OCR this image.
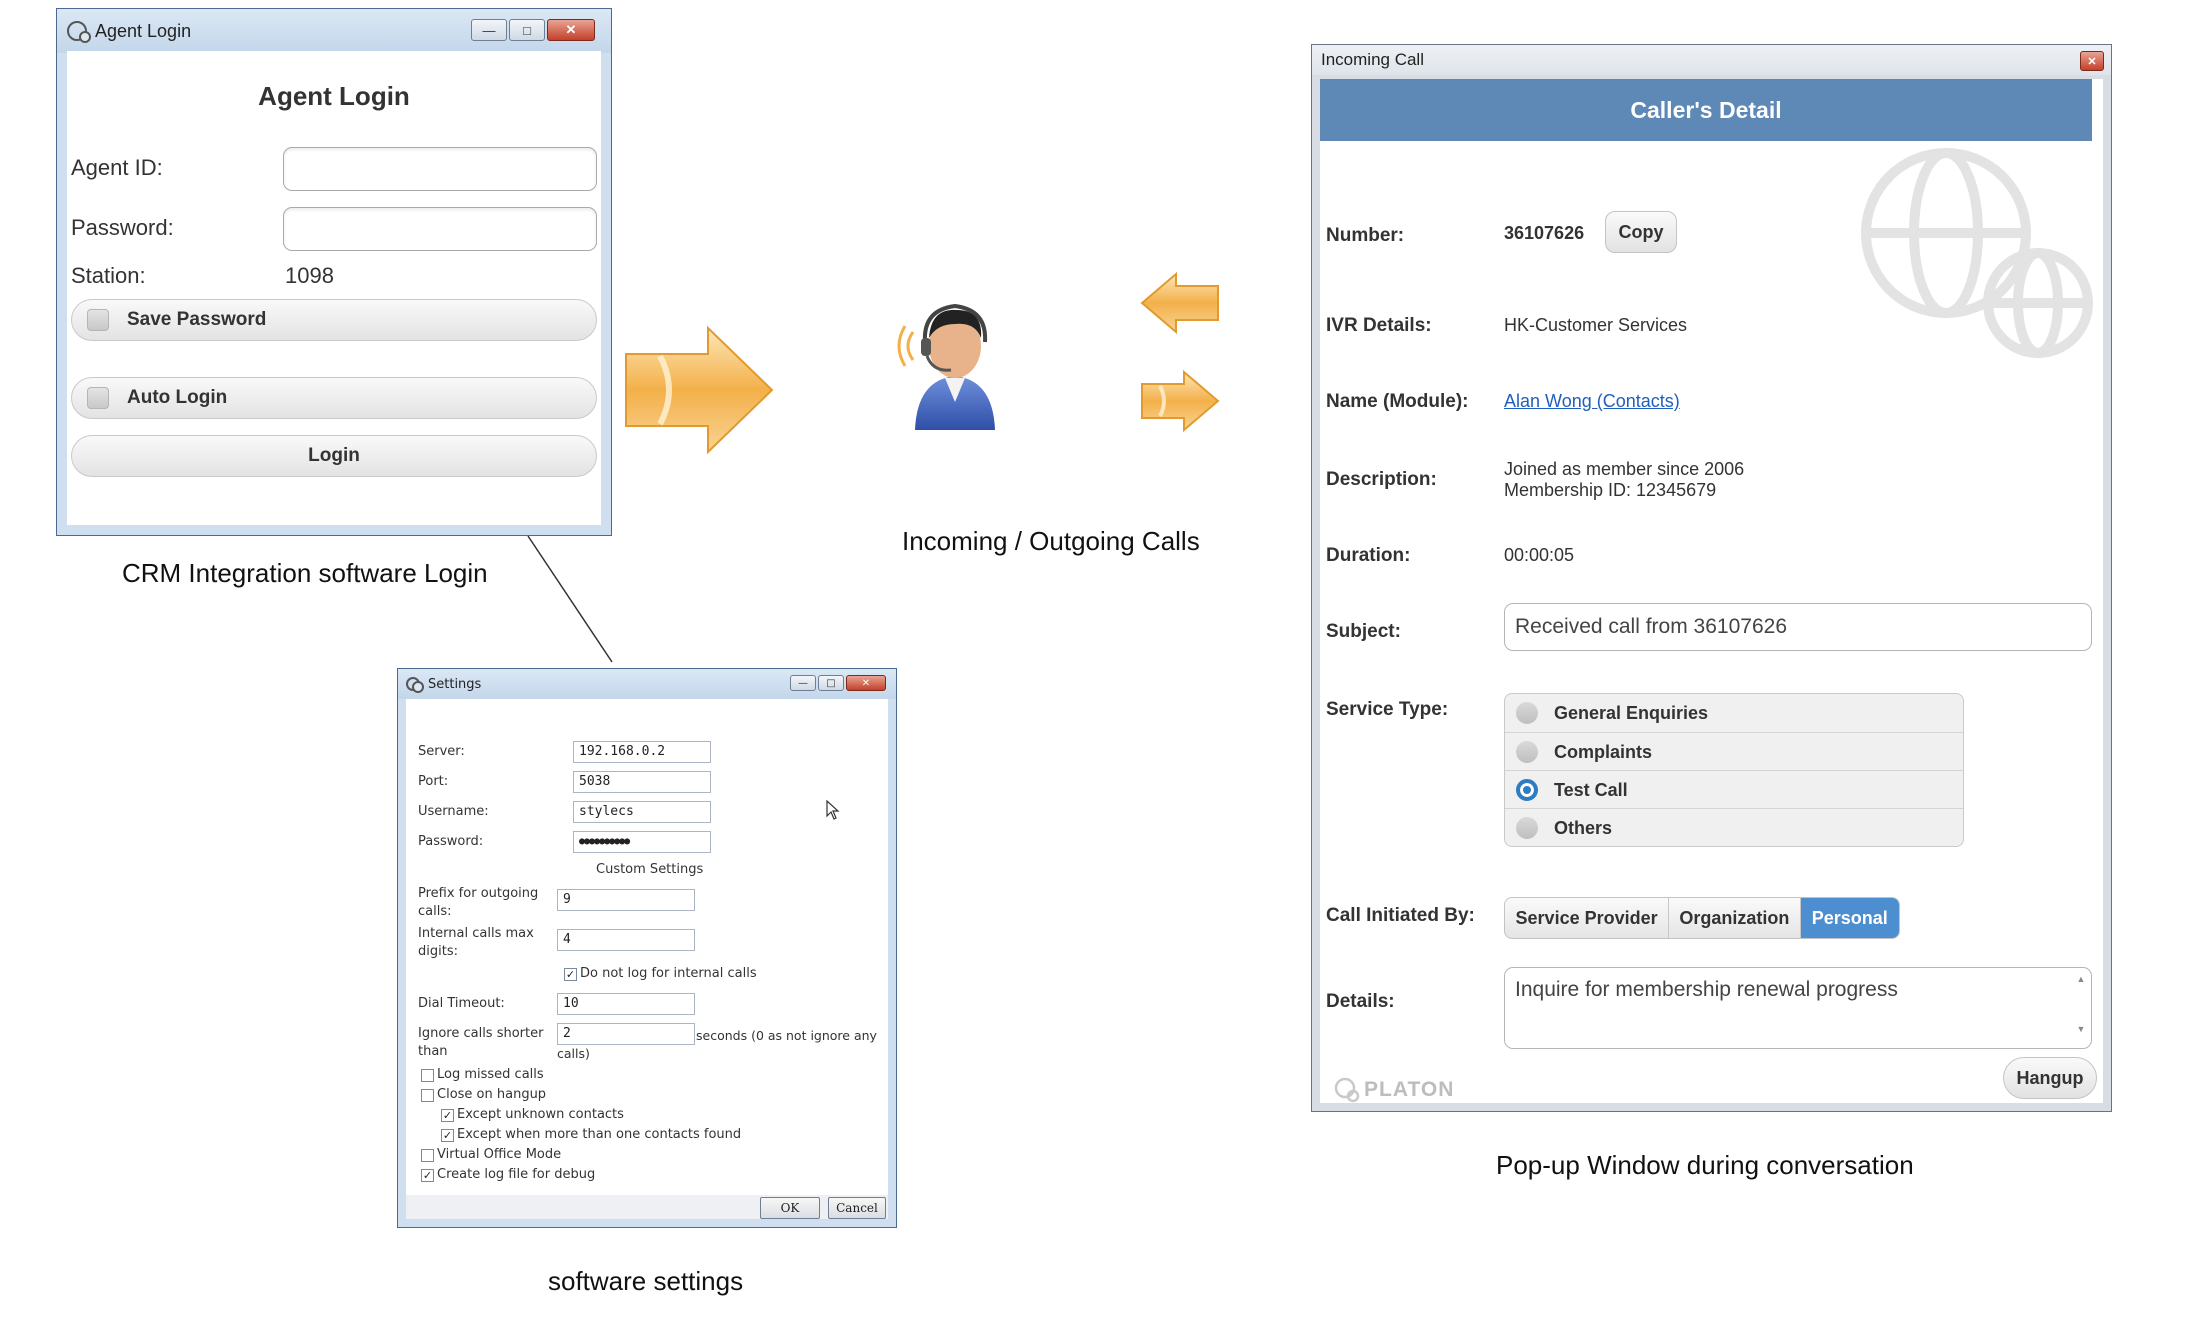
Agent Login	—	□	✕
Agent Login
Agent ID:
Password:
Station:	1098
Save Password
Auto Login
Login
CRM Integration software Login
Settings	—	□	✕
Server:	192.168.0.2
Port:	5038
Username:	stylecs
Password:	●●●●●●●●●●
Custom Settings
Prefix for outgoing calls:
9
Internal calls max digits:
4
✓ Do not log for internal calls
Dial Timeout:	10
Ignore calls shorter than
2	seconds (0 as not ignore any calls)
Log missed calls
Close on hangup
✓ Except unknown contacts
✓ Except when more than one contacts found
Virtual Office Mode
✓ Create log file for debug
OK	Cancel
software settings
Incoming / Outgoing Calls
Incoming Call	✕
Caller's Detail
Number:	36107626 Copy
IVR Details:	HK-Customer Services
Name (Module): Alan Wong (Contacts)
Description:	Joined as member since 2006
Membership ID: 12345679
Duration:	00:00:05
Subject:	Received call from 36107626
Service Type:	General Enquiries
Complaints
Test Call
Others
Call Initiated By:	Service Provider	Organization	Personal
Details:
Inquire for membership renewal progress	▲

▼
PLATON
Hangup
Pop-up Window during conversation
